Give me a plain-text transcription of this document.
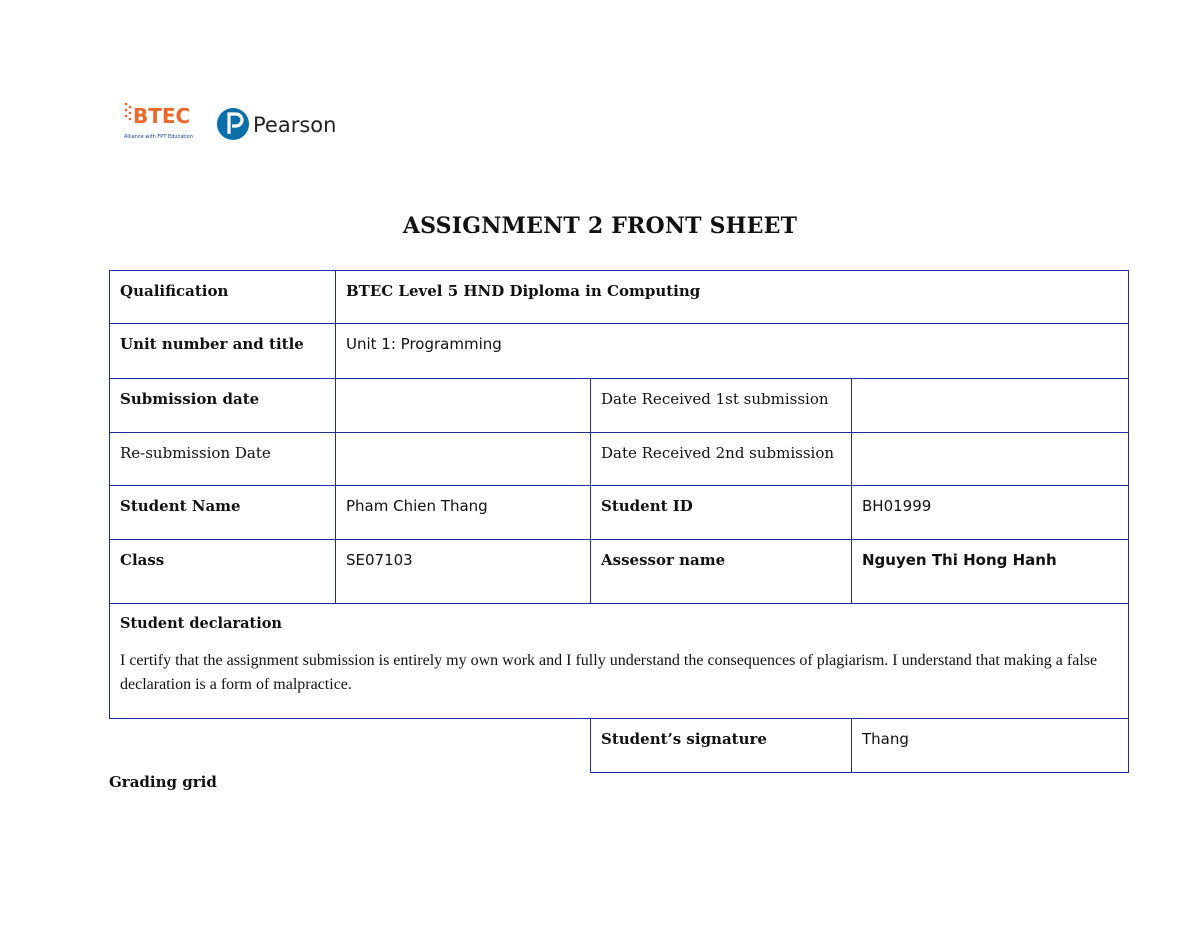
BTEC
Alliance with FPT Education	Pearson
ASSIGNMENT 2 FRONT SHEET
Qualification	BTEC Level 5 HND Diploma in Computing		
Unit number and title	Unit 1: Programming		
Submission date		Date Received 1st submission	
Re-submission Date		Date Received 2nd submission	
Student Name	Pham Chien Thang	Student ID	BH01999
Class	SE07103	Assessor name	Nguyen Thi Hong Hanh

Student declaration
I certify that the assignment submission is entirely my own work and I fully understand the consequences of plagiarism. I understand that making a false declaration is a form of malpractice.			

		Student’s signature	Thang
Grading grid
